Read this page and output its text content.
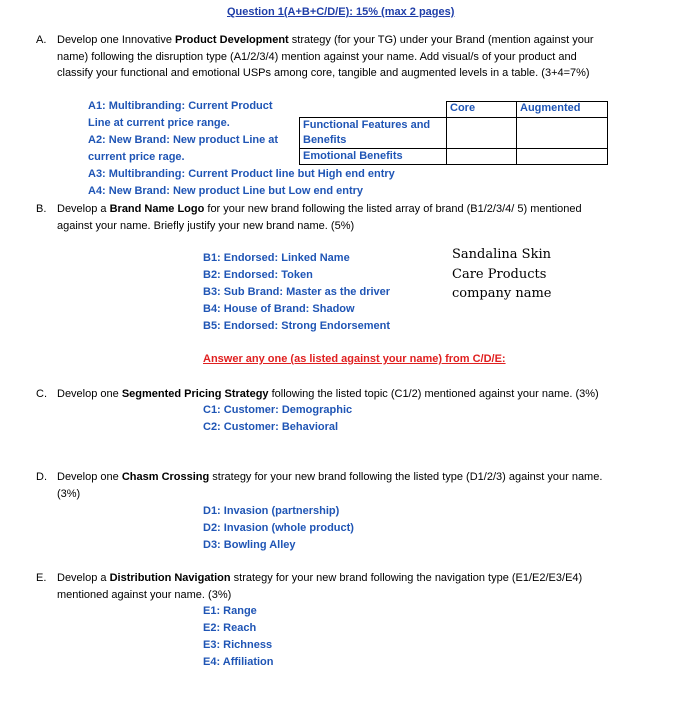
Question 1(A+B+C/D/E): 15% (max 2 pages)
A. Develop one Innovative Product Development strategy (for your TG) under your Brand (mention against your
name) following the disruption type (A1/2/3/4) mention against your name. Add visual/s of your product and
classify your functional and emotional USPs among core, tangible and augmented levels in a table. (3+4=7%)
A1: Multibranding: Current Product
Line at current price range.
A2: New Brand: New product Line at
current price rage.
A3: Multibranding: Current Product line but High end entry
A4: New Brand: New product Line but Low end entry
	Core	Augmented
Functional Features and Benefits		
Emotional Benefits		
B. Develop a Brand Name Logo for your new brand following the listed array of brand (B1/2/3/4/ 5) mentioned
against your name. Briefly justify your new brand name. (5%)
B1: Endorsed: Linked Name
B2: Endorsed: Token
B3: Sub Brand: Master as the driver
B4: House of Brand: Shadow
B5: Endorsed: Strong Endorsement
Sandalina Skin
Care Products
company name
Answer any one (as listed against your name) from C/D/E:
C. Develop one Segmented Pricing Strategy following the listed topic (C1/2) mentioned against your name. (3%)
C1: Customer: Demographic
C2: Customer: Behavioral
D. Develop one Chasm Crossing strategy for your new brand following the listed type (D1/2/3) against your name.
(3%)
D1: Invasion (partnership)
D2: Invasion (whole product)
D3: Bowling Alley
E. Develop a Distribution Navigation strategy for your new brand following the navigation type (E1/E2/E3/E4)
mentioned against your name. (3%)
E1: Range
E2: Reach
E3: Richness
E4: Affiliation
